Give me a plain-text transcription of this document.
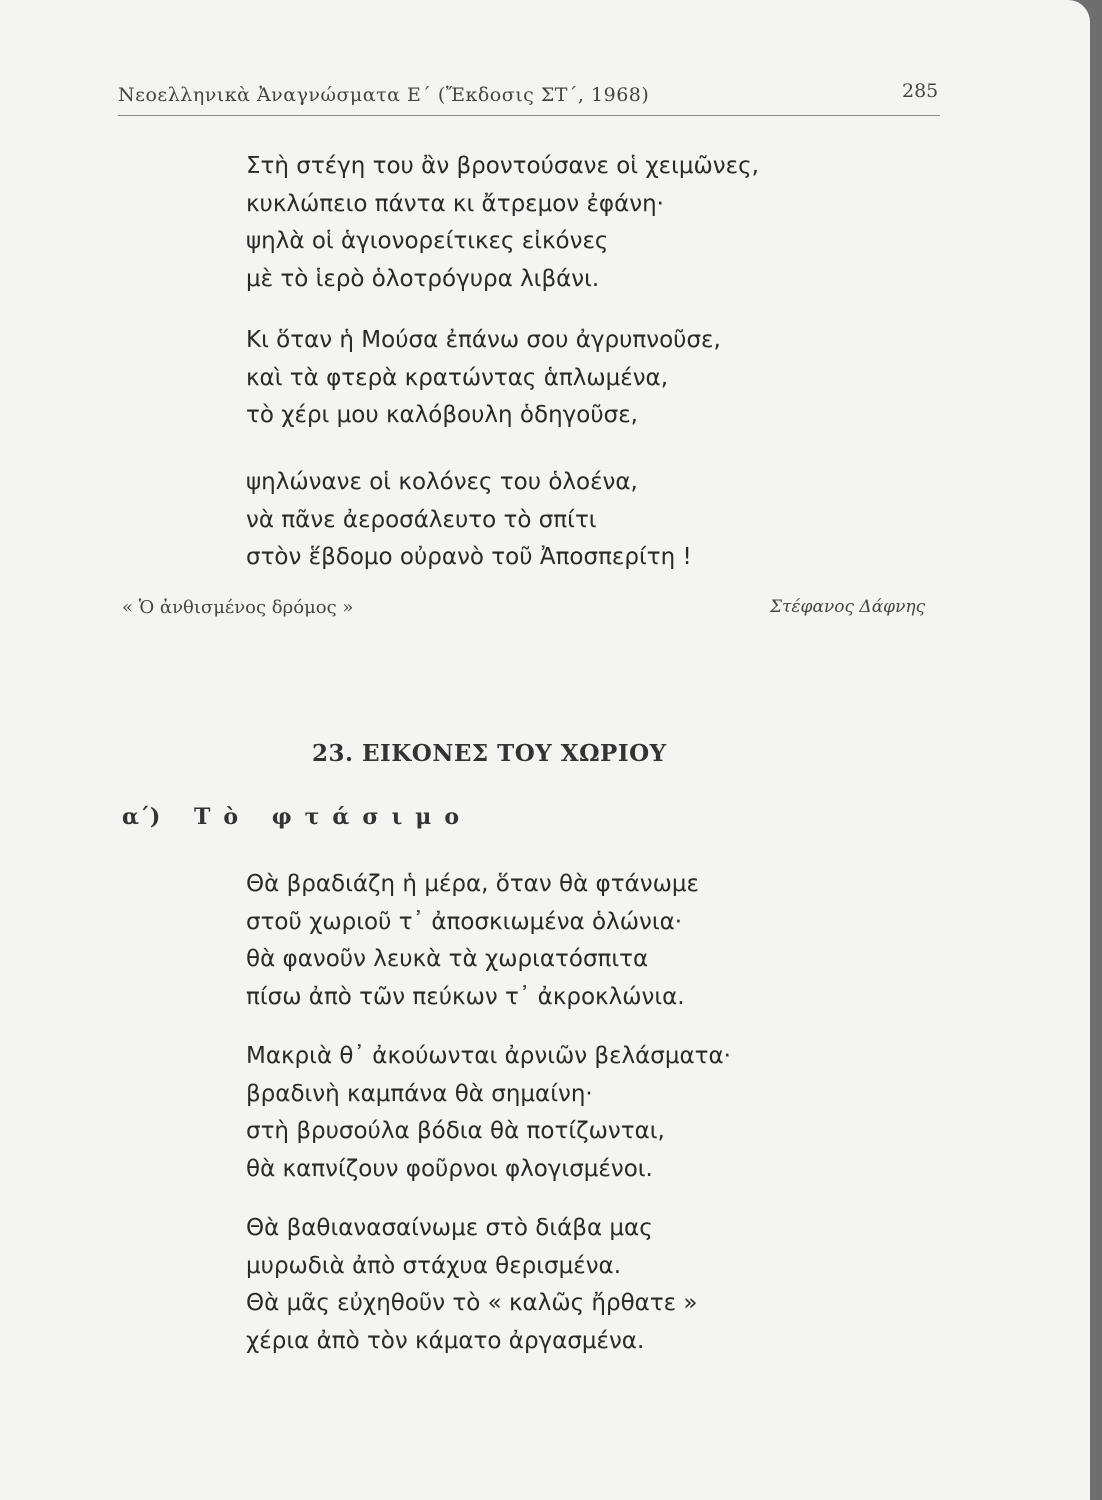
Νεοελληνικὰ Ἀναγνώσματα Ε΄ (Ἔκδοσις ΣΤ΄, 1968)	285
Στὴ στέγη του ἂν βροντούσανε οἱ χειμῶνες,
κυκλώπειο πάντα κι ἄτρεμον ἐφάνη·
ψηλὰ οἱ ἁγιονορείτικες εἰκόνες
μὲ τὸ ἱερὸ ὁλοτρόγυρα λιβάνι.
Κι ὅταν ἡ Μούσα ἐπάνω σου ἀγρυπνοῦσε,
καὶ τὰ φτερὰ κρατώντας ἁπλωμένα,
τὸ χέρι μου καλόβουλη ὁδηγοῦσε,
ψηλώνανε οἱ κολόνες του ὁλοένα,
νὰ πᾶνε ἀεροσάλευτο τὸ σπίτι
στὸν ἕβδομο οὐρανὸ τοῦ Ἀποσπερίτη !
« Ὁ ἀνθισμένος δρόμος »	Στέφανος Δάφνης
23. ΕΙΚΟΝΕΣ ΤΟΥ ΧΩΡΙΟΥ
α΄) Τὸ φτάσιμο
Θὰ βραδιάζη ἡ μέρα, ὅταν θὰ φτάνωμε
στοῦ χωριοῦ τ᾽ ἀποσκιωμένα ὁλώνια·
θὰ φανοῦν λευκὰ τὰ χωριατόσπιτα
πίσω ἀπὸ τῶν πεύκων τ᾽ ἀκροκλώνια.
Μακριὰ θ᾽ ἀκούωνται ἀρνιῶν βελάσματα·
βραδινὴ καμπάνα θὰ σημαίνη·
στὴ βρυσούλα βόδια θὰ ποτίζωνται,
θὰ καπνίζουν φοῦρνοι φλογισμένοι.
Θὰ βαθιανασαίνωμε στὸ διάβα μας
μυρωδιὰ ἀπὸ στάχυα θερισμένα.
Θὰ μᾶς εὐχηθοῦν τὸ « καλῶς ἤρθατε »
χέρια ἀπὸ τὸν κάματο ἀργασμένα.
